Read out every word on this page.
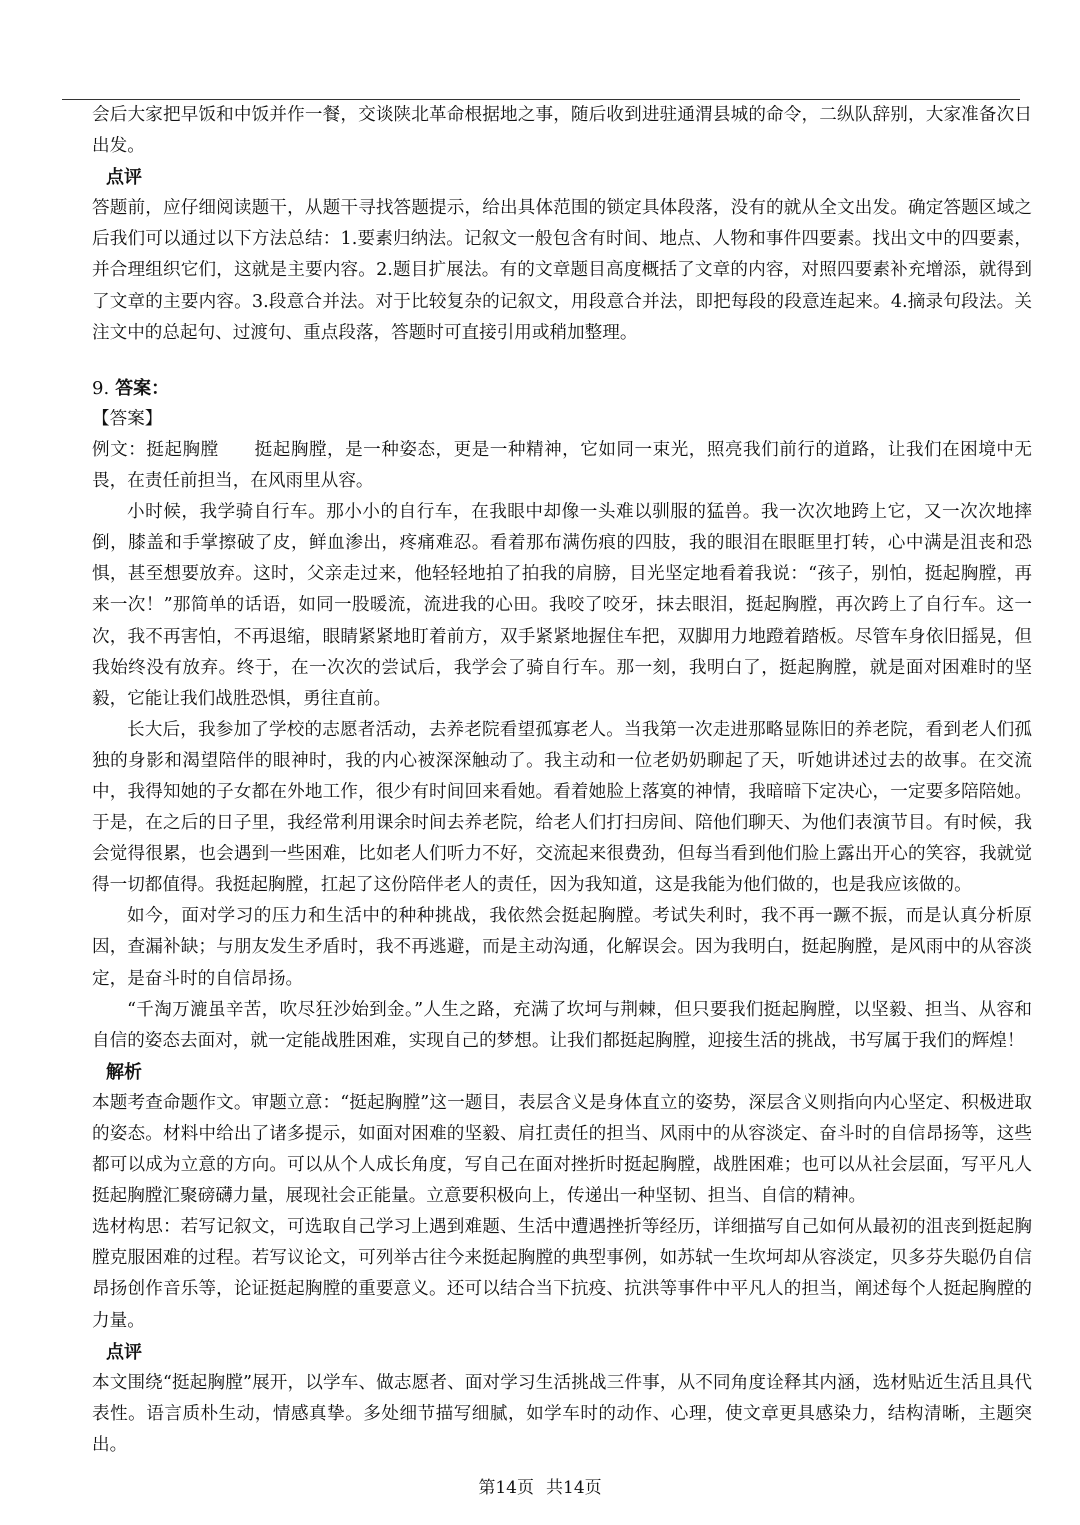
会后大家把早饭和中饭并作一餐，交谈陕北革命根据地之事，随后收到进驻通渭县城的命令，二纵队辞别，大家准备次日出发。

点评

答题前，应仔细阅读题干，从题干寻找答题提示，给出具体范围的锁定具体段落，没有的就从全文出发。确定答题区域之后我们可以通过以下方法总结：1.要素归纳法。记叙文一般包含有时间、地点、人物和事件四要素。找出文中的四要素，并合理组织它们，这就是主要内容。2.题目扩展法。有的文章题目高度概括了文章的内容，对照四要素补充增添，就得到了文章的主要内容。3.段意合并法。对于比较复杂的记叙文，用段意合并法，即把每段的段意连起来。4.摘录句段法。关注文中的总起句、过渡句、重点段落，答题时可直接引用或稍加整理。

9. 答案：

【答案】

例文：挺起胸膛 挺起胸膛，是一种姿态，更是一种精神，它如同一束光，照亮我们前行的道路，让我们在困境中无畏，在责任前担当，在风雨里从容。

小时候，我学骑自行车。那小小的自行车，在我眼中却像一头难以驯服的猛兽。我一次次地跨上它，又一次次地摔倒，膝盖和手掌擦破了皮，鲜血渗出，疼痛难忍。看着那布满伤痕的四肢，我的眼泪在眼眶里打转，心中满是沮丧和恐惧，甚至想要放弃。这时，父亲走过来，他轻轻地拍了拍我的肩膀，目光坚定地看着我说：“孩子，别怕，挺起胸膛，再来一次！”那简单的话语，如同一股暖流，流进我的心田。我咬了咬牙，抹去眼泪，挺起胸膛，再次跨上了自行车。这一次，我不再害怕，不再退缩，眼睛紧紧地盯着前方，双手紧紧地握住车把，双脚用力地蹬着踏板。尽管车身依旧摇晃，但我始终没有放弃。终于，在一次次的尝试后，我学会了骑自行车。那一刻，我明白了，挺起胸膛，就是面对困难时的坚毅，它能让我们战胜恐惧，勇往直前。

长大后，我参加了学校的志愿者活动，去养老院看望孤寡老人。当我第一次走进那略显陈旧的养老院，看到老人们孤独的身影和渴望陪伴的眼神时，我的内心被深深触动了。我主动和一位老奶奶聊起了天，听她讲述过去的故事。在交流中，我得知她的子女都在外地工作，很少有时间回来看她。看着她脸上落寞的神情，我暗暗下定决心，一定要多陪陪她。于是，在之后的日子里，我经常利用课余时间去养老院，给老人们打扫房间、陪他们聊天、为他们表演节目。有时候，我会觉得很累，也会遇到一些困难，比如老人们听力不好，交流起来很费劲，但每当看到他们脸上露出开心的笑容，我就觉得一切都值得。我挺起胸膛，扛起了这份陪伴老人的责任，因为我知道，这是我能为他们做的，也是我应该做的。

如今，面对学习的压力和生活中的种种挑战，我依然会挺起胸膛。考试失利时，我不再一蹶不振，而是认真分析原因，查漏补缺；与朋友发生矛盾时，我不再逃避，而是主动沟通，化解误会。因为我明白，挺起胸膛，是风雨中的从容淡定，是奋斗时的自信昂扬。

“千淘万漉虽辛苦，吹尽狂沙始到金。”人生之路，充满了坎坷与荆棘，但只要我们挺起胸膛，以坚毅、担当、从容和自信的姿态去面对，就一定能战胜困难，实现自己的梦想。让我们都挺起胸膛，迎接生活的挑战，书写属于我们的辉煌！

解析

本题考查命题作文。审题立意：“挺起胸膛”这一题目，表层含义是身体直立的姿势，深层含义则指向内心坚定、积极进取的姿态。材料中给出了诸多提示，如面对困难的坚毅、肩扛责任的担当、风雨中的从容淡定、奋斗时的自信昂扬等，这些都可以成为立意的方向。可以从个人成长角度，写自己在面对挫折时挺起胸膛，战胜困难；也可以从社会层面，写平凡人挺起胸膛汇聚磅礴力量，展现社会正能量。立意要积极向上，传递出一种坚韧、担当、自信的精神。

选材构思：若写记叙文，可选取自己学习上遇到难题、生活中遭遇挫折等经历，详细描写自己如何从最初的沮丧到挺起胸膛克服困难的过程。若写议论文，可列举古往今来挺起胸膛的典型事例，如苏轼一生坎坷却从容淡定，贝多芬失聪仍自信昂扬创作音乐等，论证挺起胸膛的重要意义。还可以结合当下抗疫、抗洪等事件中平凡人的担当，阐述每个人挺起胸膛的力量。

点评

本文围绕“挺起胸膛”展开，以学车、做志愿者、面对学习生活挑战三件事，从不同角度诠释其内涵，选材贴近生活且具代表性。语言质朴生动，情感真挚。多处细节描写细腻，如学车时的动作、心理，使文章更具感染力，结构清晰，主题突出。

第14页 共14页
